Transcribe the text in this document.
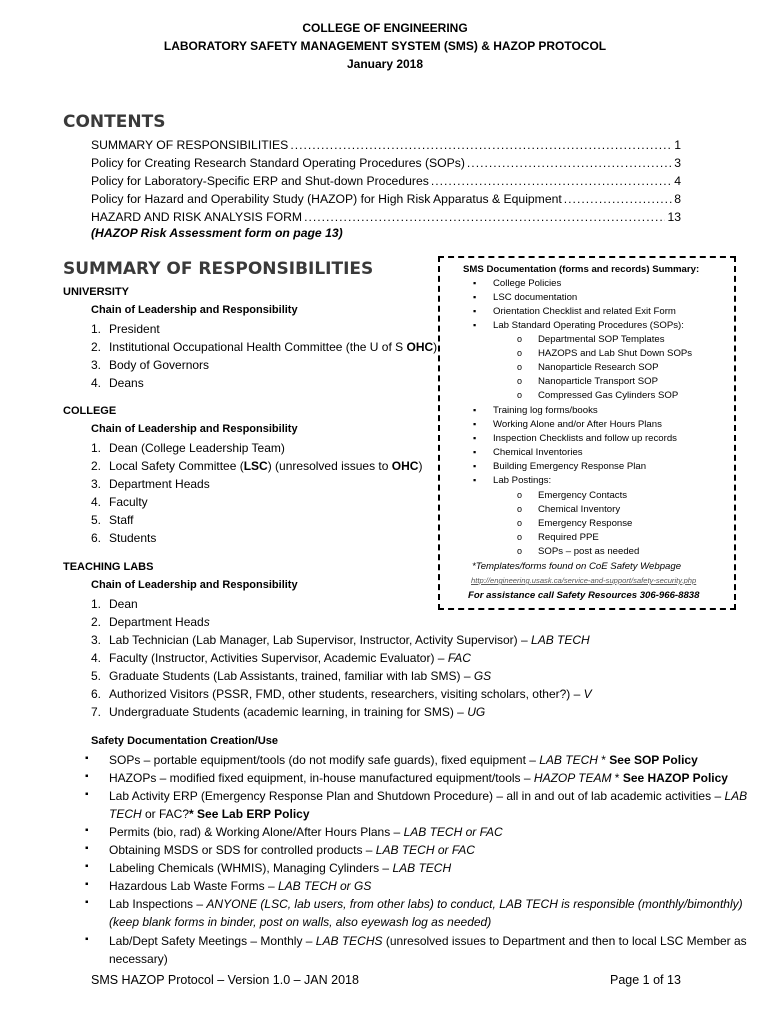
COLLEGE OF ENGINEERING
LABORATORY SAFETY MANAGEMENT SYSTEM (SMS) & HAZOP PROTOCOL
January 2018
CONTENTS
SUMMARY OF RESPONSIBILITIES .....	1
Policy for Creating Research Standard Operating Procedures (SOPs) .....	3
Policy for Laboratory-Specific ERP and Shut-down Procedures .....	4
Policy for Hazard and Operability Study (HAZOP) for High Risk Apparatus & Equipment .....	8
HAZARD AND RISK ANALYSIS FORM .....	13
(HAZOP Risk Assessment form on page 13)
SUMMARY OF RESPONSIBILITIES
UNIVERSITY
Chain of Leadership and Responsibility
1. President
2. Institutional Occupational Health Committee (the U of S OHC)
3. Body of Governors
4. Deans
COLLEGE
Chain of Leadership and Responsibility
1. Dean (College Leadership Team)
2. Local Safety Committee (LSC) (unresolved issues to OHC)
3. Department Heads
4. Faculty
5. Staff
6. Students
TEACHING LABS
Chain of Leadership and Responsibility
1. Dean
2. Department Heads
3. Lab Technician (Lab Manager, Lab Supervisor, Instructor, Activity Supervisor) – LAB TECH
4. Faculty (Instructor, Activities Supervisor, Academic Evaluator) – FAC
5. Graduate Students (Lab Assistants, trained, familiar with lab SMS) – GS
6. Authorized Visitors (PSSR, FMD, other students, researchers, visiting scholars, other?) – V
7. Undergraduate Students (academic learning, in training for SMS) – UG
SMS Documentation (forms and records) Summary:
▪ College Policies
▪ LSC documentation
▪ Orientation Checklist and related Exit Form
▪ Lab Standard Operating Procedures (SOPs):
o Departmental SOP Templates
o HAZOPS and Lab Shut Down SOPs
o Nanoparticle Research SOP
o Nanoparticle Transport SOP
o Compressed Gas Cylinders SOP
▪ Training log forms/books
▪ Working Alone and/or After Hours Plans
▪ Inspection Checklists and follow up records
▪ Chemical Inventories
▪ Building Emergency Response Plan
▪ Lab Postings:
o Emergency Contacts
o Chemical Inventory
o Emergency Response
o Required PPE
o SOPs – post as needed
*Templates/forms found on CoE Safety Webpage
http://engineering.usask.ca/service-and-support/safety-security.php
For assistance call Safety Resources 306-966-8838
Safety Documentation Creation/Use
▪ SOPs – portable equipment/tools (do not modify safe guards), fixed equipment – LAB TECH * See SOP Policy
▪ HAZOPs – modified fixed equipment, in-house manufactured equipment/tools – HAZOP TEAM * See HAZOP Policy
▪ Lab Activity ERP (Emergency Response Plan and Shutdown Procedure) – all in and out of lab academic activities – LAB
TECH or FAC?* See Lab ERP Policy
▪ Permits (bio, rad) & Working Alone/After Hours Plans – LAB TECH or FAC
▪ Obtaining MSDS or SDS for controlled products – LAB TECH or FAC
▪ Labeling Chemicals (WHMIS), Managing Cylinders – LAB TECH
▪ Hazardous Lab Waste Forms – LAB TECH or GS
▪ Lab Inspections – ANYONE (LSC, lab users, from other labs) to conduct, LAB TECH is responsible (monthly/bimonthly)
(keep blank forms in binder, post on walls, also eyewash log as needed)
▪ Lab/Dept Safety Meetings – Monthly – LAB TECHS (unresolved issues to Department and then to local LSC Member as
necessary)
SMS HAZOP Protocol – Version 1.0 – JAN 2018	Page 1 of 13
